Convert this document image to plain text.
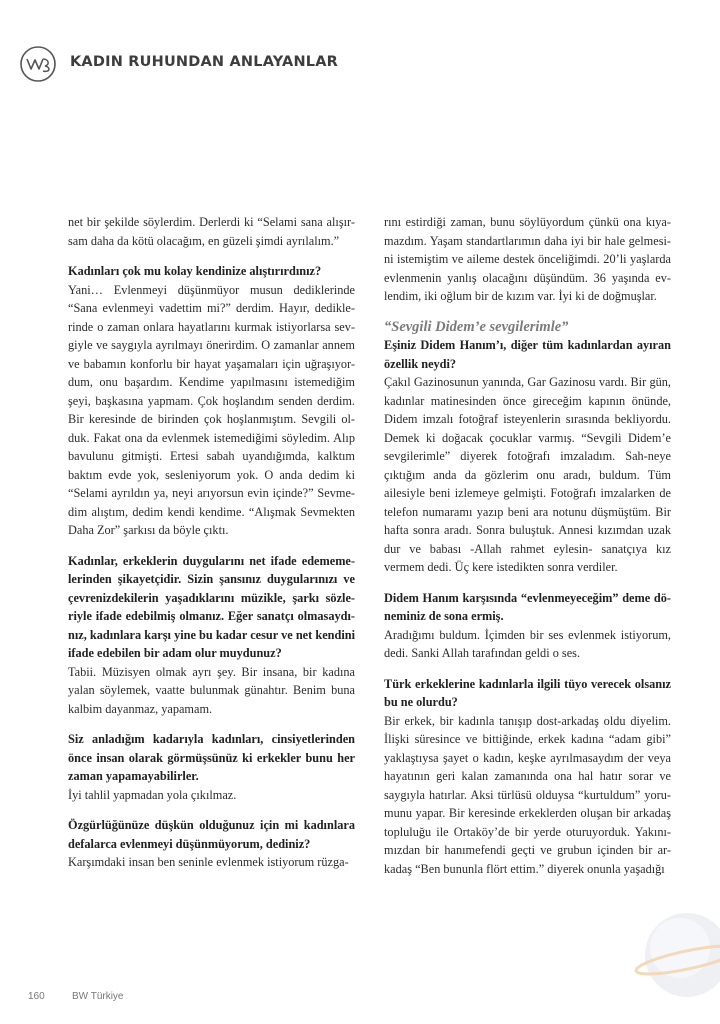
KADIN RUHUNDAN ANLAYANLAR

net bir şekilde söylerdim. Derlerdi ki “Selami sana alışır-sam daha da kötü olacağım, en güzeli şimdi ayrılalım.”

Kadınları çok mu kolay kendinize alıştırırdınız?

Yani… Evlenmeyi düşünmüyor musun dediklerinde “Sana evlenmeyi vadettim mi?” derdim. Hayır, dedikle-rinde o zaman onlara hayatlarını kurmak istiyorlarsa sev-giyle ve saygıyla ayrılmayı önerirdim. O zamanlar annem ve babamın konforlu bir hayat yaşamaları için uğraşıyor-dum, onu başardım. Kendime yapılmasını istemediğim şeyi, başkasına yapmam. Çok hoşlandım senden derdim. Bir keresinde de birinden çok hoşlanmıştım. Sevgili ol-duk. Fakat ona da evlenmek istemediğimi söyledim. Alıp bavulunu gitmişti. Ertesi sabah uyandığımda, kalktım baktım evde yok, sesleniyorum yok. O anda dedim ki “Selami ayrıldın ya, neyi arıyorsun evin içinde?” Sevme-dim alıştım, dedim kendi kendime. “Alışmak Sevmekten Daha Zor” şarkısı da böyle çıktı.

Kadınlar, erkeklerin duygularını net ifade edememe-lerinden şikayetçidir. Sizin şansınız duygularınızı ve çevrenizdekilerin yaşadıklarını müzikle, şarkı sözle-riyle ifade edebilmiş olmanız. Eğer sanatçı olmasaydı-nız, kadınlara karşı yine bu kadar cesur ve net kendini ifade edebilen bir adam olur muydunuz?

Tabii. Müzisyen olmak ayrı şey. Bir insana, bir kadına yalan söylemek, vaatte bulunmak günahtır. Benim buna kalbim dayanmaz, yapamam.

Siz anladığım kadarıyla kadınları, cinsiyetlerinden önce insan olarak görmüşsünüz ki erkekler bunu her zaman yapamayabilirler.

İyi tahlil yapmadan yola çıkılmaz.

Özgürlüğünüze düşkün olduğunuz için mi kadınlara defalarca evlenmeyi düşünmüyorum, dediniz?

Karşımdaki insan ben seninle evlenmek istiyorum rüzga-

rını estirdiği zaman, bunu söylüyordum çünkü ona kıya-mazdım. Yaşam standartlarımın daha iyi bir hale gelmesi-ni istemiştim ve aileme destek önceliğimdi. 20’li yaşlarda evlenmenin yanlış olacağını düşündüm. 36 yaşında ev-lendim, iki oğlum bir de kızım var. İyi ki de doğmuşlar.

“Sevgili Didem’e sevgilerimle”

Eşiniz Didem Hanım’ı, diğer tüm kadınlardan ayıran özellik neydi?

Çakıl Gazinosunun yanında, Gar Gazinosu vardı. Bir gün, kadınlar matinesinden önce gireceğim kapının önünde, Didem imzalı fotoğraf isteyenlerin sırasında bekliyordu. Demek ki doğacak çocuklar varmış. “Sevgili Didem’e sevgilerimle” diyerek fotoğrafı imzaladım. Sah-neye çıktığım anda da gözlerim onu aradı, buldum. Tüm ailesiyle beni izlemeye gelmişti. Fotoğrafı imzalarken de telefon numaramı yazıp beni ara notunu düşmüştüm. Bir hafta sonra aradı. Sonra buluştuk. Annesi kızımdan uzak dur ve babası -Allah rahmet eylesin- sanatçıya kız vermem dedi. Üç kere istedikten sonra verdiler.

Didem Hanım karşısında “evlenmeyeceğim” deme dö-neminiz de sona ermiş.

Aradığımı buldum. İçimden bir ses evlenmek istiyorum, dedi. Sanki Allah tarafından geldi o ses.

Türk erkeklerine kadınlarla ilgili tüyo verecek olsanız bu ne olurdu?

Bir erkek, bir kadınla tanışıp dost-arkadaş oldu diyelim. İlişki süresince ve bittiğinde, erkek kadına “adam gibi” yaklaştıysa şayet o kadın, keşke ayrılmasaydım der veya hayatının geri kalan zamanında ona hal hatır sorar ve saygıyla hatırlar. Aksi türlüsü olduysa “kurtuldum” yoru-munu yapar. Bir keresinde erkeklerden oluşan bir arkadaş topluluğu ile Ortaköy’de bir yerde oturuyorduk. Yakını-mızdan bir hanımefendi geçti ve grubun içinden bir ar-kadaş “Ben bununla flört ettim.” diyerek onunla yaşadığı

160	BW Türkiye
